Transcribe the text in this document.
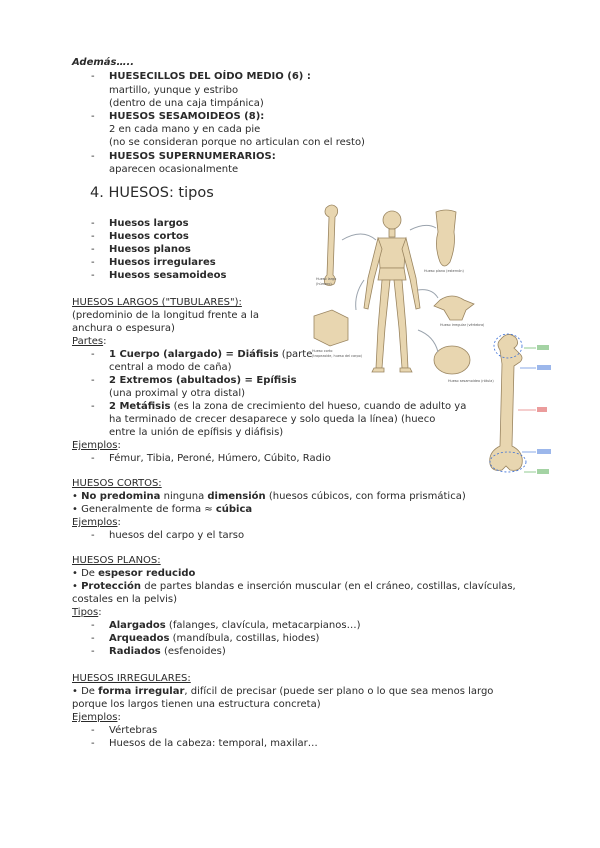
Además…..
-	HUESECILLOS DEL OÍDO MEDIO (6) :
martillo, yunque y estribo
(dentro de una caja timpánica)
-	HUESOS SESAMOIDEOS (8):
2 en cada mano y en cada pie
(no se consideran porque no articulan con el resto)
-	HUESOS SUPERNUMERARIOS:
aparecen ocasionalmente
4. HUESOS: tipos
-	Huesos largos
-	Huesos cortos
-	Huesos planos
-	Huesos irregulares
-	Huesos sesamoideos	Hueso largo
(húmero)
Hueso plano (esternón)
Hueso irregular (vértebra)
Hueso corto
(trapezoide, hueso del carpo)
Hueso sesamoideo (rótula)
HUESOS LARGOS ("TUBULARES"):
(predominio de la longitud frente a la
anchura o espesura)
Partes:
-	1 Cuerpo (alargado) = Diáfisis (parte
central a modo de caña)
-	2 Extremos (abultados) = Epífisis
(una proximal y otra distal)
-	2 Metáfisis (es la zona de crecimiento del hueso, cuando de adulto ya
ha terminado de crecer desaparece y solo queda la línea) (hueco
entre la unión de epífisis y diáfisis)
Ejemplos:
-	Fémur, Tibia, Peroné, Húmero, Cúbito, Radio
HUESOS CORTOS:
• No predomina ninguna dimensión (huesos cúbicos, con forma prismática)
• Generalmente de forma ≈ cúbica
Ejemplos:
-	huesos del carpo y el tarso
HUESOS PLANOS:
• De espesor reducido
• Protección de partes blandas e inserción muscular (en el cráneo, costillas, clavículas,
costales en la pelvis)
Tipos:
-	Alargados (falanges, clavícula, metacarpianos…)
-	Arqueados (mandíbula, costillas, hiodes)
-	Radiados (esfenoides)
HUESOS IRREGULARES:
• De forma irregular, difícil de precisar (puede ser plano o lo que sea menos largo
porque los largos tienen una estructura concreta)
Ejemplos:
-	Vértebras
-	Huesos de la cabeza: temporal, maxilar…
